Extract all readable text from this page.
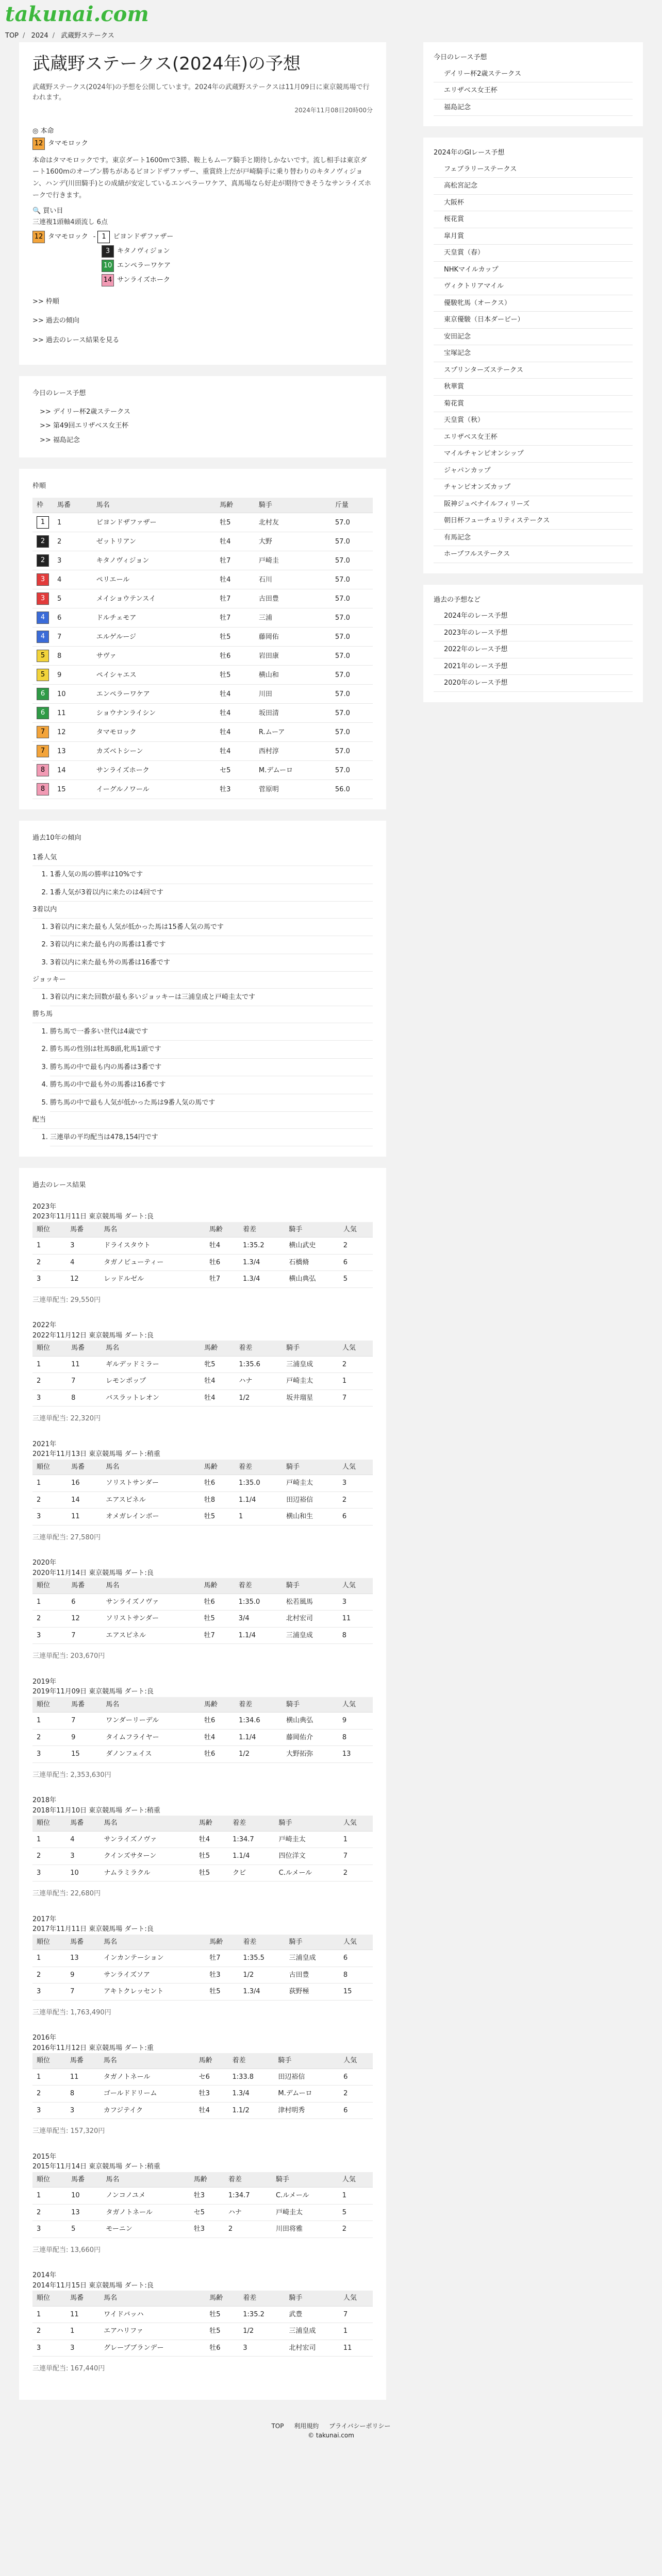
takunai.com
TOP / 2024 / 武蔵野ステークス
武蔵野ステークス(2024年)の予想

武蔵野ステークス(2024年)の予想を公開しています。2024年の武蔵野ステークスは11月09日に東京競馬場で行われます。

2024年11月08日20時00分
◎ 本命
12 タマモロック

本命はタマモロックです。東京ダート1600mで3勝、鞍上もムーア騎手と期待しかないです。流し相手は東京ダート1600mのオープン勝ちがあるビヨンドザファザー、重賞終上だが戸崎騎手に乗り替わりのキタノヴィジョン、ハンデ(川田騎手)との成績が安定しているエンペラーワケア、真馬場なら好走が期待できそうなサンライズホークで行きます。

🔍 買い目
三連複1頭軸4頭流し 6点
12 タマモロック - 1	ビヨンドザファザー
3	キタノヴィジョン
10 エンペラーワケア
14 サンライズホーク

>> 枠順

>> 過去の傾向

>> 過去のレース結果を見る

今日のレース予想
>> デイリー杯2歳ステークス
>> 第49回エリザベス女王杯
>> 福島記念
枠順
枠	馬番	馬名	馬齢	騎手	斤量
1	1	ビヨンドザファザー	牡5	北村友	57.0
2	2	ゼットリアン	牡4	大野	57.0
2	3	キタノヴィジョン	牡7	戸崎圭	57.0
3	4	ペリエール	牡4	石川	57.0
3	5	メイショウテンスイ	牡7	古田豊	57.0
4	6	ドルチェモア	牡7	三浦	57.0
4	7	エルゲルージ	牡5	藤岡佑	57.0
5	8	サヴァ	牡6	岩田康	57.0
5	9	ペイシャエス	牡5	横山和	57.0
6	10	エンペラーワケア	牡4	川田	57.0
6	11	ショウナンライシン	牡4	坂田清	57.0
7	12	タマモロック	牡4	R.ムーア	57.0
7	13	カズベトシーン	牡4	西村淳	57.0
8	14	サンライズホーク	セ5	M.デムーロ	57.0
8	15	イーグルノワール	牡3	菅原明	56.0
過去10年の傾向
1番人気
1. 1番人気の馬の勝率は10%です
2. 1番人気が3着以内に来たのは4回です
3着以内
1. 3着以内に来た最も人気が低かった馬は15番人気の馬です
2. 3着以内に来た最も内の馬番は1番です
3. 3着以内に来た最も外の馬番は16番です
ジョッキー
1. 3着以内に来た回数が最も多いジョッキーは三浦皇成と戸崎圭太です
勝ち馬
1. 勝ち馬で一番多い世代は4歳です
2. 勝ち馬の性別は牡馬8頭,牝馬1頭です
3. 勝ち馬の中で最も内の馬番は3番です
4. 勝ち馬の中で最も外の馬番は16番です
5. 勝ち馬の中で最も人気が低かった馬は9番人気の馬です
配当
1. 三連単の平均配当は478,154円です
過去のレース結果
2023年
2023年11月11日 東京競馬場 ダート:良
順位	馬番	馬名	馬齢	着差	騎手	人気
1	3	ドライスタウト	牡4	1:35.2	横山武史	2
2	4	タガノビューティー	牡6	1.3/4	石橋脩	6
3	12	レッドルゼル	牡7	1.3/4	横山典弘	5
三連単配当: 29,550円
2022年
2022年11月12日 東京競馬場 ダート:良
順位	馬番	馬名	馬齢	着差	騎手	人気
1	11	ギルデッドミラー	牝5	1:35.6	三浦皇成	2
2	7	レモンポップ	牡4	ハナ	戸崎圭太	1
3	8	バスラットレオン	牡4	1/2	坂井瑠星	7
三連単配当: 22,320円
2021年
2021年11月13日 東京競馬場 ダート:稍重
順位	馬番	馬名	馬齢	着差	騎手	人気
1	16	ソリストサンダー	牡6	1:35.0	戸崎圭太	3
2	14	エアスピネル	牡8	1.1/4	田辺裕信	2
3	11	オメガレインボー	牡5	1	横山和生	6
三連単配当: 27,580円
2020年
2020年11月14日 東京競馬場 ダート:良
順位	馬番	馬名	馬齢	着差	騎手	人気
1	6	サンライズノヴァ	牡6	1:35.0	松若風馬	3
2	12	ソリストサンダー	牡5	3/4	北村宏司	11
3	7	エアスピネル	牡7	1.1/4	三浦皇成	8
三連単配当: 203,670円
2019年
2019年11月09日 東京競馬場 ダート:良
順位	馬番	馬名	馬齢	着差	騎手	人気
1	7	ワンダーリーデル	牡6	1:34.6	横山典弘	9
2	9	タイムフライヤー	牡4	1.1/4	藤岡佑介	8
3	15	ダノンフェイス	牡6	1/2	大野拓弥	13
三連単配当: 2,353,630円
2018年
2018年11月10日 東京競馬場 ダート:稍重
順位	馬番	馬名	馬齢	着差	騎手	人気
1	4	サンライズノヴァ	牡4	1:34.7	戸崎圭太	1
2	3	クインズサターン	牡5	1.1/4	四位洋文	7
3	10	ナムラミラクル	牡5	クビ	C.ルメール	2
三連単配当: 22,680円
2017年
2017年11月11日 東京競馬場 ダート:良
順位	馬番	馬名	馬齢	着差	騎手	人気
1	13	インカンテーション	牡7	1:35.5	三浦皇成	6
2	9	サンライズソア	牡3	1/2	古田豊	8
3	7	アキトクレッセント	牡5	1.3/4	荻野極	15
三連単配当: 1,763,490円
2016年
2016年11月12日 東京競馬場 ダート:重
順位	馬番	馬名	馬齢	着差	騎手	人気
1	11	タガノトネール	セ6	1:33.8	田辺裕信	6
2	8	ゴールドドリーム	牡3	1.3/4	M.デムーロ	2
3	3	カフジテイク	牡4	1.1/2	津村明秀	6
三連単配当: 157,320円
2015年
2015年11月14日 東京競馬場 ダート:稍重
順位	馬番	馬名	馬齢	着差	騎手	人気
1	10	ノンコノユメ	牡3	1:34.7	C.ルメール	1
2	13	タガノトネール	セ5	ハナ	戸崎圭太	5
3	5	モーニン	牡3	2	川田将雅	2
三連単配当: 13,660円
2014年
2014年11月15日 東京競馬場 ダート:良
順位	馬番	馬名	馬齢	着差	騎手	人気
1	11	ワイドバッハ	牡5	1:35.2	武豊	7
2	1	エアハリファ	牡5	1/2	三浦皇成	1
3	3	グレープブランデー	牡6	3	北村宏司	11
三連単配当: 167,440円
今日のレース予想
デイリー杯2歳ステークス
エリザベス女王杯
福島記念
2024年のGIレース予想
フェブラリーステークス
高松宮記念
大阪杯
桜花賞
皐月賞
天皇賞（春）
NHKマイルカップ
ヴィクトリアマイル
優駿牝馬（オークス）
東京優駿（日本ダービー）
安田記念
宝塚記念
スプリンターズステークス
秋華賞
菊花賞
天皇賞（秋）
エリザベス女王杯
マイルチャンピオンシップ
ジャパンカップ
チャンピオンズカップ
阪神ジュベナイルフィリーズ
朝日杯フューチュリティステークス
有馬記念
ホープフルステークス
過去の予想など
2024年のレース予想
2023年のレース予想
2022年のレース予想
2021年のレース予想
2020年のレース予想
TOP 利用規約 プライバシーポリシー
© takunai.com
